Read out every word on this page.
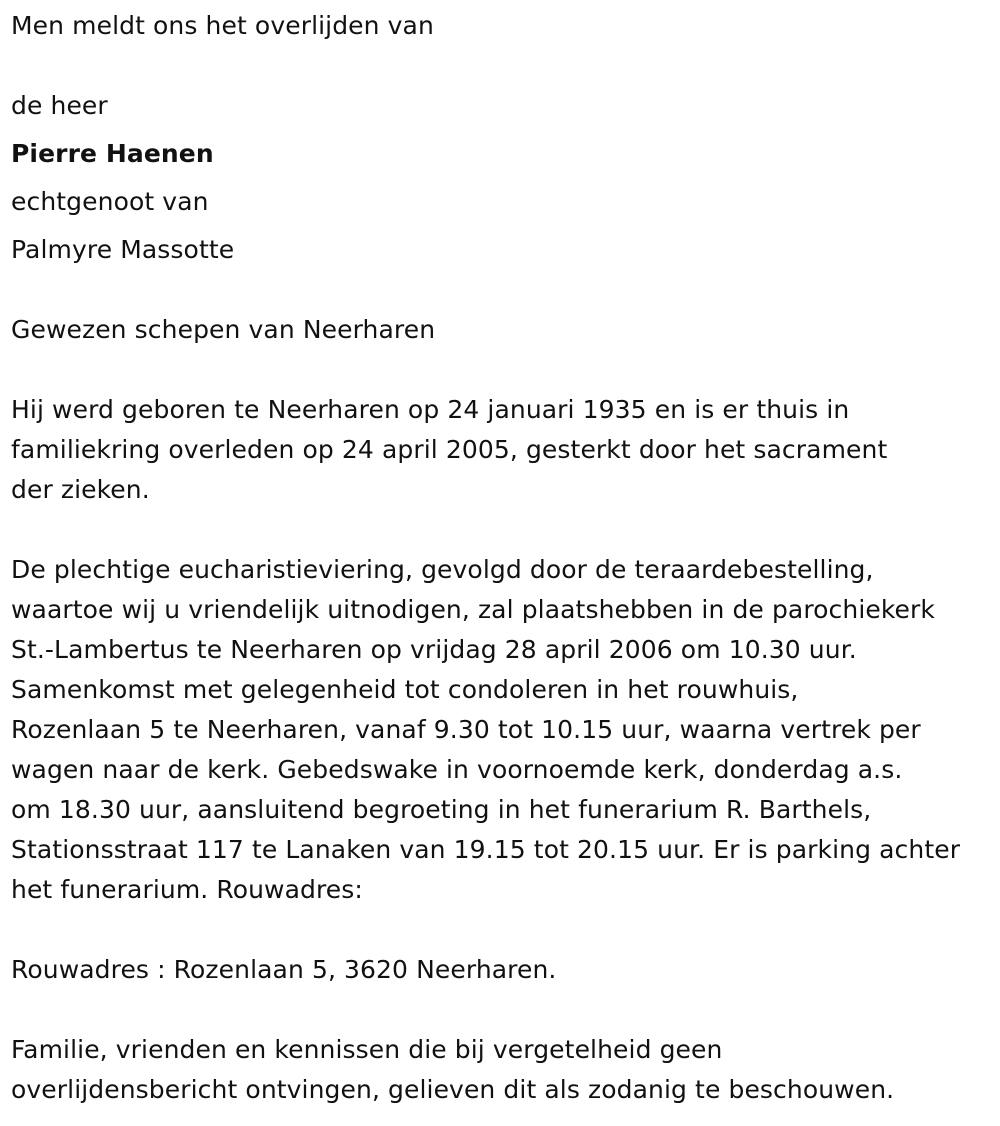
Men meldt ons het overlijden van
de heer
Pierre Haenen
echtgenoot van
Palmyre Massotte
Gewezen schepen van Neerharen
Hij werd geboren te Neerharen op 24 januari 1935 en is er thuis in
familiekring overleden op 24 april 2005, gesterkt door het sacrament
der zieken.
De plechtige eucharistieviering, gevolgd door de teraardebestelling,
waartoe wij u vriendelijk uitnodigen, zal plaatshebben in de parochiekerk
St.-Lambertus te Neerharen op vrijdag 28 april 2006 om 10.30 uur.
Samenkomst met gelegenheid tot condoleren in het rouwhuis,
Rozenlaan 5 te Neerharen, vanaf 9.30 tot 10.15 uur, waarna vertrek per
wagen naar de kerk. Gebedswake in voornoemde kerk, donderdag a.s.
om 18.30 uur, aansluitend begroeting in het funerarium R. Barthels,
Stationsstraat 117 te Lanaken van 19.15 tot 20.15 uur. Er is parking achter
het funerarium. Rouwadres:
Rouwadres : Rozenlaan 5, 3620 Neerharen.
Familie, vrienden en kennissen die bij vergetelheid geen
overlijdensbericht ontvingen, gelieven dit als zodanig te beschouwen.
